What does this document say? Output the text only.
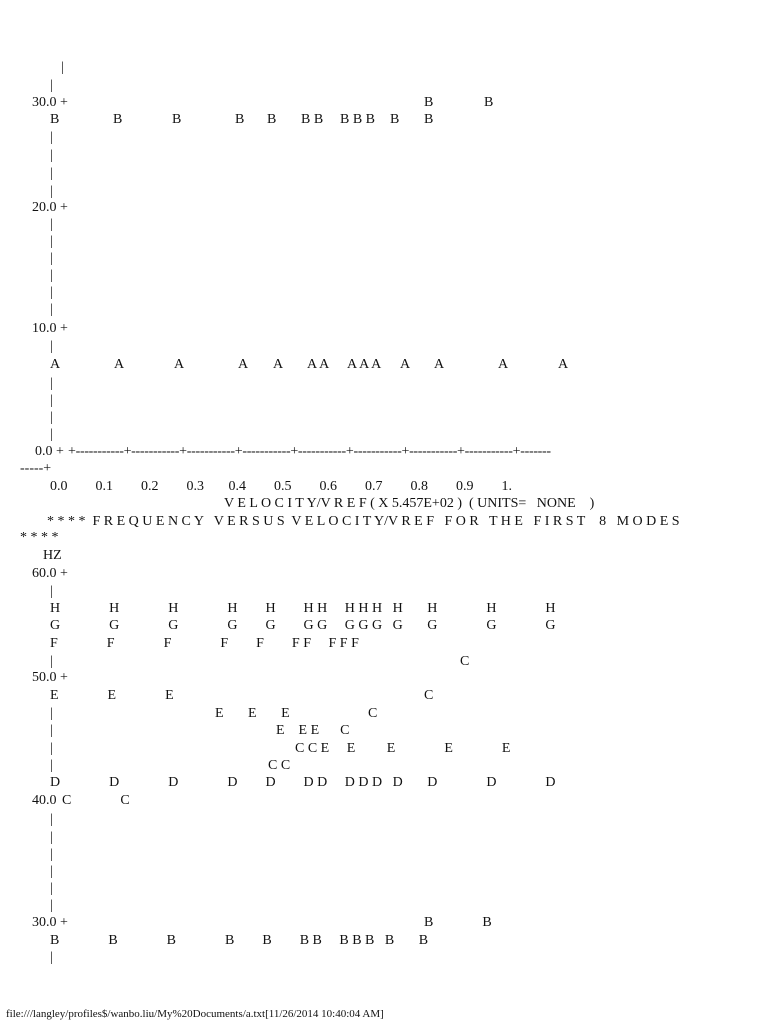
|
|
30.0 +	B	B
B	B	B	B B B B B B B B B
|
|
|
|
20.0 +
|
|
|
|
|
|
10.0 +
|
A	A	A	A A A A A A A A A	A	A
|
|
|
|
0.0 + +-----------+-----------+-----------+-----------+-----------+-----------+-----------+-----------+-------
-----+
0.0        0.1        0.2        0.3       0.4        0.5        0.6        0.7        0.8        0.9        1.
V E L O C I T Y/V R E F ( X 5.457E+02 )  ( UNITS=   NONE    )
* * * *  F R E Q U E N C Y   V E R S U S  V E L O C I T Y/V R E F   F O R   T H E   F I R S T    8   M O D E S
* * * *
HZ
60.0 +
|
H              H              H              H        H        H H     H H H   H       H              H              H
G              G              G              G        G        G G     G G G   G       G              G              G
F              F              F              F        F        F F     F F F
|	C
50.0 +
E              E              E	C
|	E       E       E	C
|	E    E E      C
|	C C E     E         E              E              E
|	C C
D              D              D              D        D        D D     D D D   D       D              D              D
40.0 C              C
|
|
|
|
|
|
30.0 +	B              B
B              B              B              B        B        B B     B B B   B       B
|
file:///langley/profiles$/wanbo.liu/My%20Documents/a.txt[11/26/2014 10:40:04 AM]
